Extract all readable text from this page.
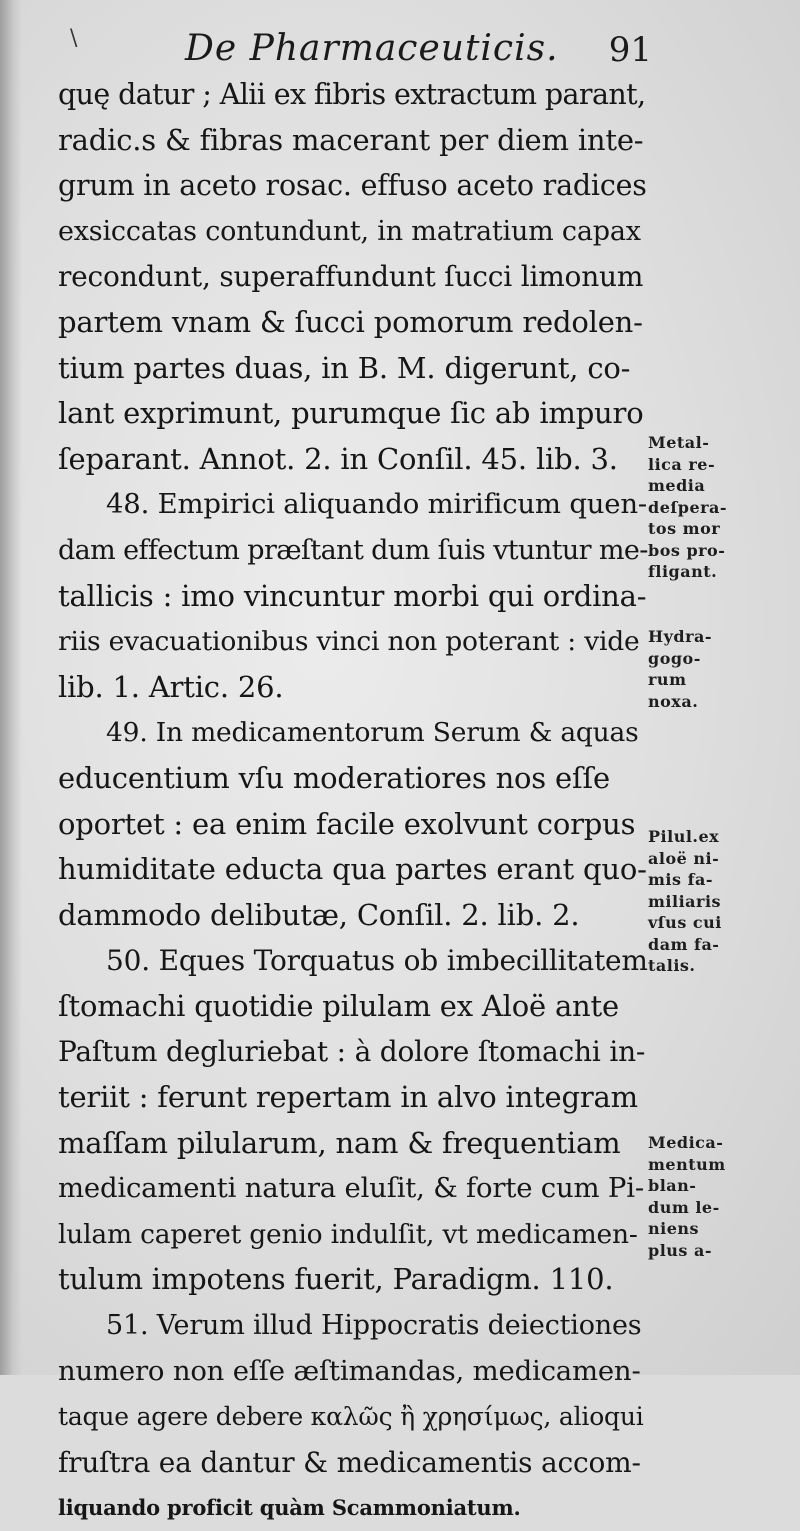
\	De Pharmaceuticis. 91
quę datur ; Alii ex fibris extractum parant,
radic.s & fibras macerant per diem inte-
grum in aceto rosac. effuso aceto radices
exsiccatas contundunt, in matratium capax
recondunt, superaffundunt ſucci limonum
partem vnam & ſucci pomorum redolen-
tium partes duas, in B. M. digerunt, co-
lant exprimunt, purumque ſic ab impuro
ſeparant. Annot. 2. in Conſil. 45. lib. 3.
48. Empirici aliquando mirificum quen-
dam effectum præſtant dum ſuis vtuntur me-
tallicis : imo vincuntur morbi qui ordina-
riis evacuationibus vinci non poterant : vide
lib. 1. Artic. 26.
49. In medicamentorum Serum & aquas
educentium vſu moderatiores nos eſſe
oportet : ea enim facile exolvunt corpus
humiditate educta qua partes erant quo-
dammodo delibutæ, Conſil. 2. lib. 2.
50. Eques Torquatus ob imbecillitatem
ſtomachi quotidie pilulam ex Aloë ante
Paſtum degluriebat : à dolore ſtomachi in-
teriit : ferunt repertam in alvo integram
maſſam pilularum, nam & frequentiam
medicamenti natura eluſit, & forte cum Pi-
lulam caperet genio indulſit, vt medicamen-
tulum impotens fuerit, Paradigm. 110.
51. Verum illud Hippocratis deiectiones
numero non eſſe æſtimandas, medicamen-
taque agere debere καλῶς ἢ χρησίμως, alioqui
fruſtra ea dantur & medicamentis accom-
liquando proficit quàm Scammoniatum.
Metal-
lica re-
media
deſpera-
tos mor
bos pro-
fligant.
Hydra-
gogo-
rum
noxa.
Pilul.ex
aloë ni-
mis fa-
miliaris
vſus cui
dam fa-
talis.
Medica-
mentum
blan-
dum le-
niens
plus a-
